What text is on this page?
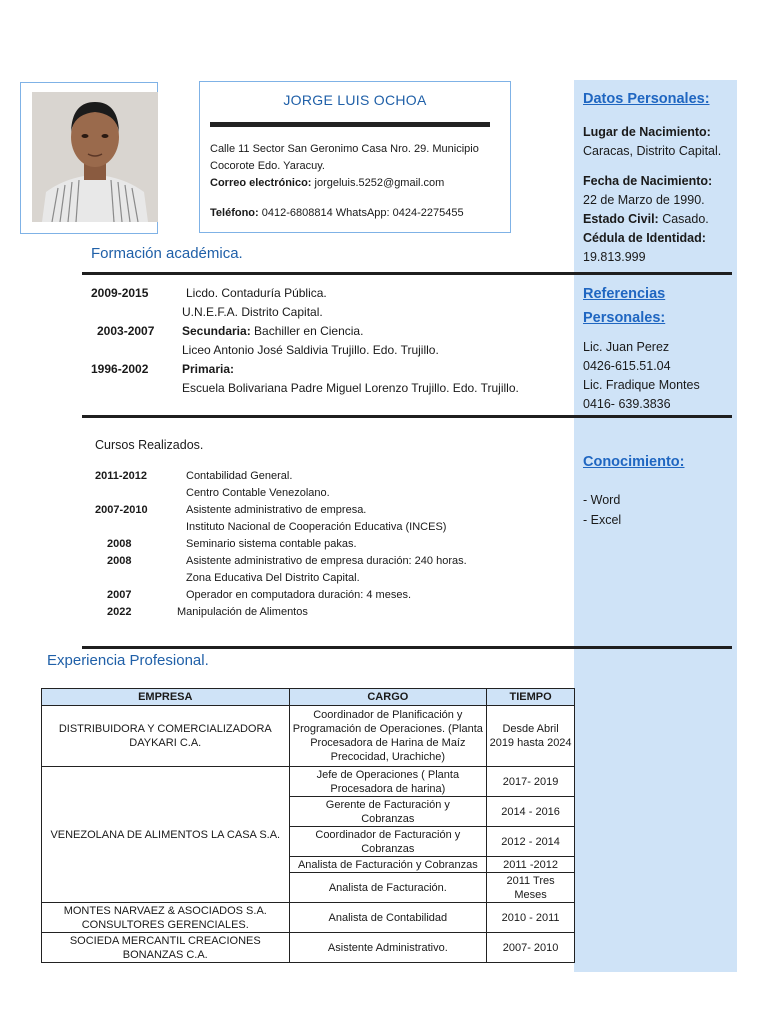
JORGE LUIS OCHOA
Calle 11 Sector San Geronimo Casa Nro. 29. Municipio
Cocorote Edo. Yaracuy.
Correo electrónico: jorgeluis.5252@gmail.com
Teléfono: 0412-6808814 WhatsApp: 0424-2275455
Datos Personales:
Lugar de Nacimiento:
Caracas, Distrito Capital.
Fecha de Nacimiento:
22 de Marzo de 1990.
Estado Civil: Casado.
Cédula de Identidad:
19.813.999
Referencias
Personales:
Lic. Juan Perez
0426-615.51.04
Lic. Fradique Montes
0416- 639.3836
Conocimiento:
- Word
- Excel
Formación académica.
2009-2015	Licdo. Contaduría Pública.
U.N.E.F.A. Distrito Capital.
2003-2007	Secundaria: Bachiller en Ciencia.
Liceo Antonio José Saldivia Trujillo. Edo. Trujillo.
1996-2002	Primaria:
Escuela Bolivariana Padre Miguel Lorenzo Trujillo. Edo. Trujillo.
Cursos Realizados.
2011-2012	Contabilidad General.
Centro Contable Venezolano.
2007-2010	Asistente administrativo de empresa.
Instituto Nacional de Cooperación Educativa (INCES)
2008	Seminario sistema contable pakas.
2008	Asistente administrativo de empresa duración: 240 horas.
Zona Educativa Del Distrito Capital.
2007	Operador en computadora duración: 4 meses.
2022	Manipulación de Alimentos
Experiencia Profesional.
EMPRESA	CARGO	TIEMPO
DISTRIBUIDORA Y COMERCIALIZADORA DAYKARI C.A.	Coordinador de Planificación y Programación de Operaciones. (Planta Procesadora de Harina de Maíz Precocidad, Urachiche)	Desde Abril 2019 hasta 2024
VENEZOLANA DE ALIMENTOS LA CASA S.A.	Jefe de Operaciones ( Planta Procesadora de harina)	2017- 2019
	Gerente de Facturación y Cobranzas	2014 - 2016
	Coordinador de Facturación y Cobranzas	2012 - 2014
	Analista de Facturación y Cobranzas	2011 -2012
	Analista de Facturación.	2011 Tres Meses
MONTES NARVAEZ & ASOCIADOS S.A. CONSULTORES GERENCIALES.	Analista de Contabilidad	2010 - 2011
SOCIEDA MERCANTIL CREACIONES BONANZAS C.A.	Asistente Administrativo.	2007- 2010
